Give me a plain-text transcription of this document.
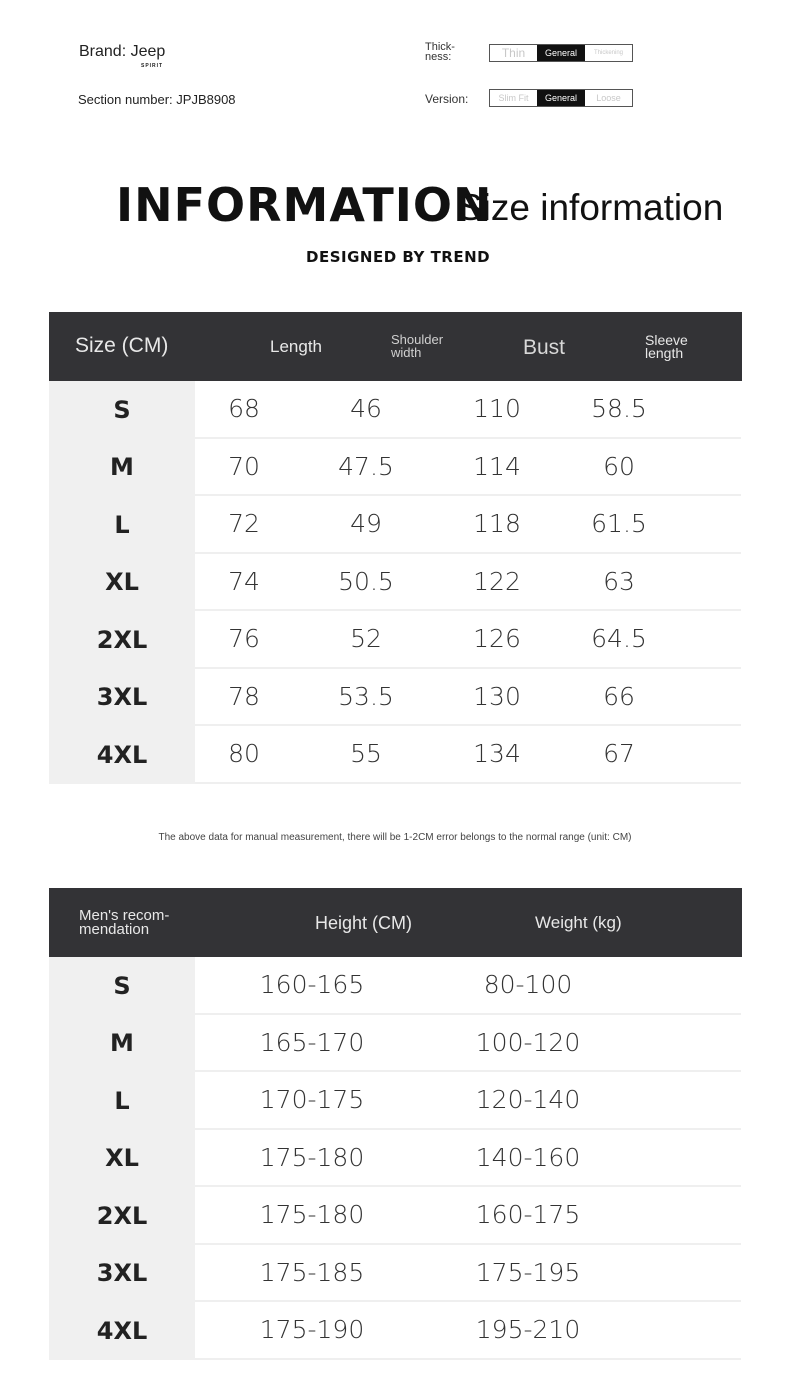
Brand: Jeep
SPIRIT
Section number: JPJB8908
Thick-
ness:	Thin	General	Thickening
Version:	Slim Fit	General	Loose
INFORMATION
Size information
DESIGNED BY TREND
Size (CM)	Length	Shoulder width	Bust	Sleeve length
S	68	46	110	58.5
M	70	47.5	114	60
L	72	49	118	61.5
XL	74	50.5	122	63
2XL	76	52	126	64.5
3XL	78	53.5	130	66
4XL	80	55	134	67
The above data for manual measurement, there will be 1-2CM error belongs to the normal range (unit: CM)
Men's recom-
mendation	Height (CM)	Weight (kg)
S	160-165	80-100
M	165-170	100-120
L	170-175	120-140
XL	175-180	140-160
2XL	175-180	160-175
3XL	175-185	175-195
4XL	175-190	195-210
